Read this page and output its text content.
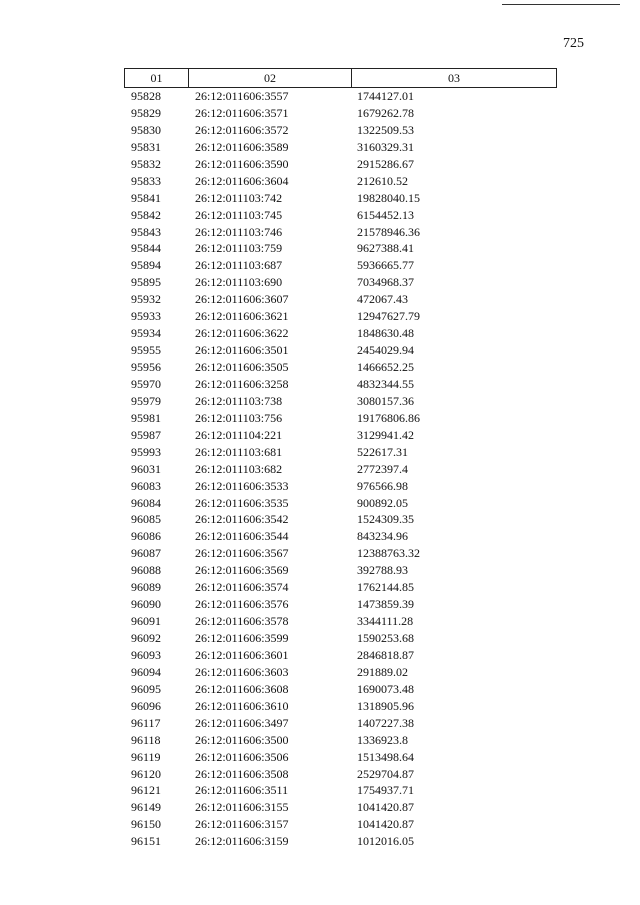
725
01	02	03
95828	26:12:011606:3557	1744127.01
95829	26:12:011606:3571	1679262.78
95830	26:12:011606:3572	1322509.53
95831	26:12:011606:3589	3160329.31
95832	26:12:011606:3590	2915286.67
95833	26:12:011606:3604	212610.52
95841	26:12:011103:742	19828040.15
95842	26:12:011103:745	6154452.13
95843	26:12:011103:746	21578946.36
95844	26:12:011103:759	9627388.41
95894	26:12:011103:687	5936665.77
95895	26:12:011103:690	7034968.37
95932	26:12:011606:3607	472067.43
95933	26:12:011606:3621	12947627.79
95934	26:12:011606:3622	1848630.48
95955	26:12:011606:3501	2454029.94
95956	26:12:011606:3505	1466652.25
95970	26:12:011606:3258	4832344.55
95979	26:12:011103:738	3080157.36
95981	26:12:011103:756	19176806.86
95987	26:12:011104:221	3129941.42
95993	26:12:011103:681	522617.31
96031	26:12:011103:682	2772397.4
96083	26:12:011606:3533	976566.98
96084	26:12:011606:3535	900892.05
96085	26:12:011606:3542	1524309.35
96086	26:12:011606:3544	843234.96
96087	26:12:011606:3567	12388763.32
96088	26:12:011606:3569	392788.93
96089	26:12:011606:3574	1762144.85
96090	26:12:011606:3576	1473859.39
96091	26:12:011606:3578	3344111.28
96092	26:12:011606:3599	1590253.68
96093	26:12:011606:3601	2846818.87
96094	26:12:011606:3603	291889.02
96095	26:12:011606:3608	1690073.48
96096	26:12:011606:3610	1318905.96
96117	26:12:011606:3497	1407227.38
96118	26:12:011606:3500	1336923.8
96119	26:12:011606:3506	1513498.64
96120	26:12:011606:3508	2529704.87
96121	26:12:011606:3511	1754937.71
96149	26:12:011606:3155	1041420.87
96150	26:12:011606:3157	1041420.87
96151	26:12:011606:3159	1012016.05
